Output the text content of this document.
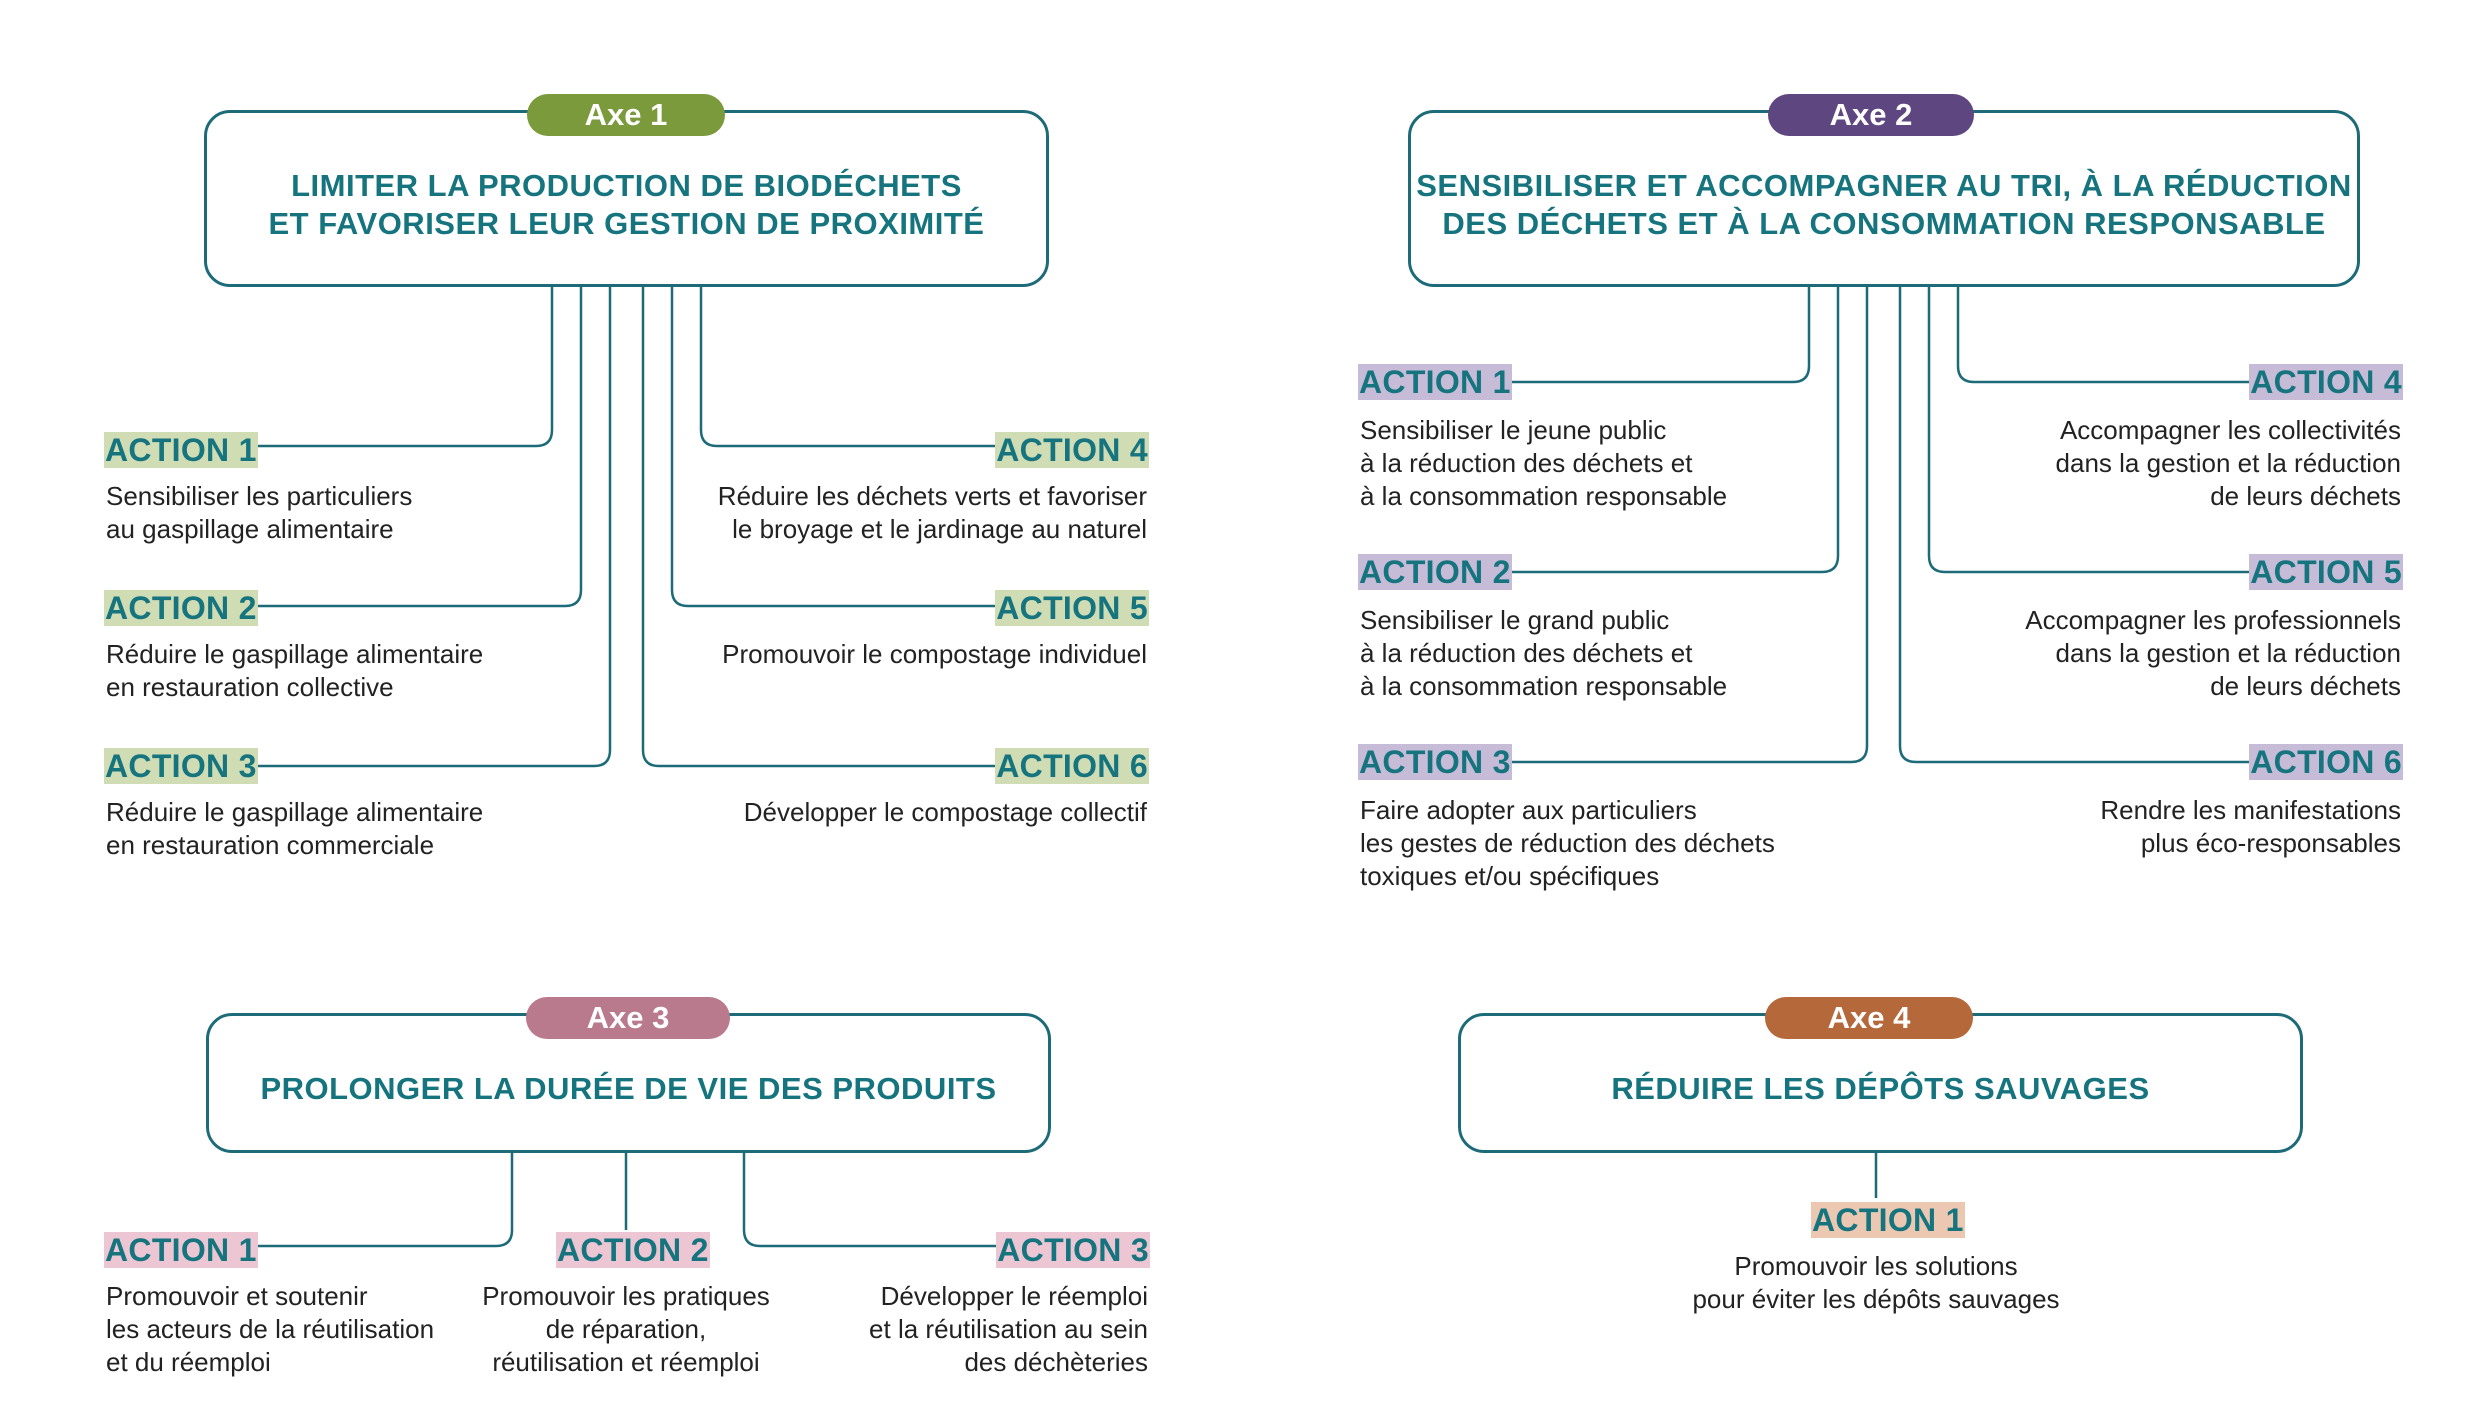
LIMITER LA PRODUCTION DE BIODÉCHETS
ET FAVORISER LEUR GESTION DE PROXIMITÉ
Axe 1
ACTION 1
Sensibiliser les particuliers
au gaspillage alimentaire
ACTION 2
Réduire le gaspillage alimentaire
en restauration collective
ACTION 3
Réduire le gaspillage alimentaire
en restauration commerciale
ACTION 4
Réduire les déchets verts et favoriser
le broyage et le jardinage au naturel
ACTION 5
Promouvoir le compostage individuel
ACTION 6
Développer le compostage collectif
SENSIBILISER ET ACCOMPAGNER AU TRI, À LA RÉDUCTION
DES DÉCHETS ET À LA CONSOMMATION RESPONSABLE
Axe 2
ACTION 1
Sensibiliser le jeune public
à la réduction des déchets et
à la consommation responsable
ACTION 2
Sensibiliser le grand public
à la réduction des déchets et
à la consommation responsable
ACTION 3
Faire adopter aux particuliers
les gestes de réduction des déchets
toxiques et/ou spécifiques
ACTION 4
Accompagner les collectivités
dans la gestion et la réduction
de leurs déchets
ACTION 5
Accompagner les professionnels
dans la gestion et la réduction
de leurs déchets
ACTION 6
Rendre les manifestations
plus éco-responsables
PROLONGER LA DURÉE DE VIE DES PRODUITS
Axe 3
ACTION 1
Promouvoir et soutenir
les acteurs de la réutilisation
et du réemploi
ACTION 2
Promouvoir les pratiques
de réparation,
réutilisation et réemploi
ACTION 3
Développer le réemploi
et la réutilisation au sein
des déchèteries
RÉDUIRE LES DÉPÔTS SAUVAGES
Axe 4
ACTION 1
Promouvoir les solutions
pour éviter les dépôts sauvages
